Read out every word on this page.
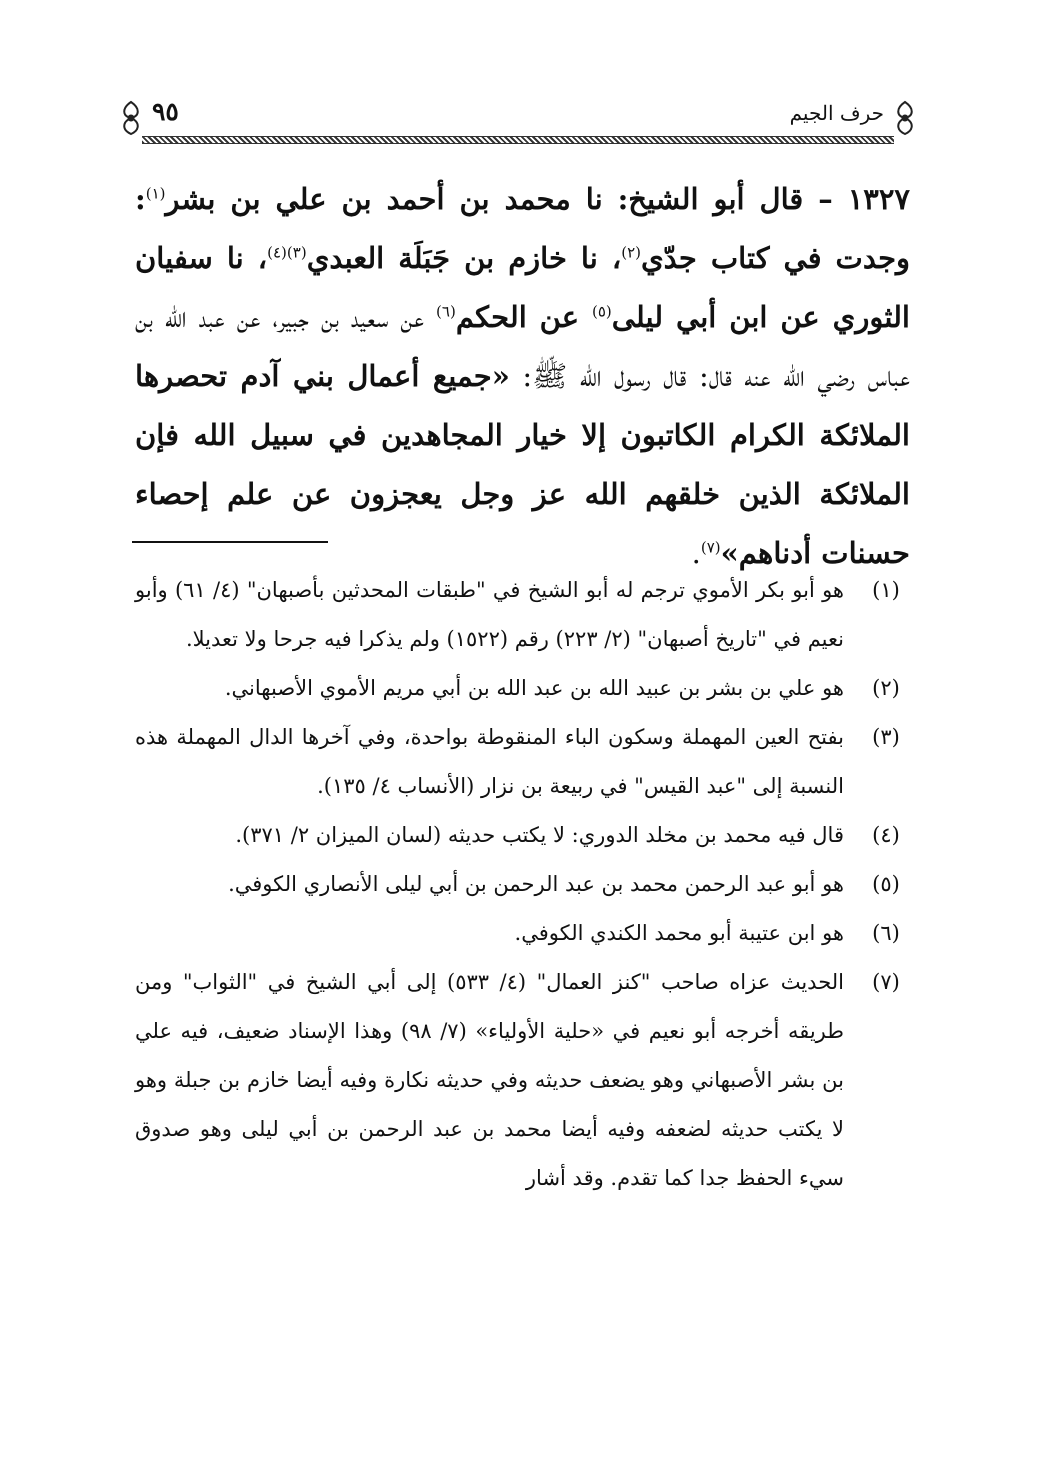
حرف الجيم
٩٥

١٣٢٧ – قال أبو الشيخ: نا محمد بن أحمد بن علي بن بشر$^{(١)}$: وجدت في كتاب جدّي$^{(٢)}$، نا خازم بن جَبَلَة العبدي$^{(٣)(٤)}$، نا سفيان الثوري عن ابن أبي ليلى$^{(٥)}$ عن الحكم$^{(٦)}$ عن سعيد بن جبير، عن عبد الله بن عباس رضي الله عنه قال: قال رسول الله ﷺ: «جميع أعمال بني آدم تحصرها الملائكة الكرام الكاتبون إلا خيار المجاهدين في سبيل الله فإن الملائكة الذين خلقهم الله عز وجل يعجزون عن علم إحصاء حسنات أدناهم»$^{(٧)}$.

(١)
هو أبو بكر الأموي ترجم له أبو الشيخ في "طبقات المحدثين بأصبهان" (٤/ ٦١) وأبو نعيم في "تاريخ أصبهان" (٢/ ٢٢٣) رقم (١٥٢٢) ولم يذكرا فيه جرحا ولا تعديلا.
(٢)
هو علي بن بشر بن عبيد الله بن عبد الله بن أبي مريم الأموي الأصبهاني.
(٣)
بفتح العين المهملة وسكون الباء المنقوطة بواحدة، وفي آخرها الدال المهملة هذه النسبة إلى "عبد القيس" في ربيعة بن نزار (الأنساب ٤/ ١٣٥).
(٤)
قال فيه محمد بن مخلد الدوري: لا يكتب حديثه (لسان الميزان ٢/ ٣٧١).
(٥)
هو أبو عبد الرحمن محمد بن عبد الرحمن بن أبي ليلى الأنصاري الكوفي.
(٦)
هو ابن عتيبة أبو محمد الكندي الكوفي.
(٧)
الحديث عزاه صاحب "كنز العمال" (٤/ ٥٣٣) إلى أبي الشيخ في "الثواب" ومن طريقه أخرجه أبو نعيم في «حلية الأولياء» (٧/ ٩٨) وهذا الإسناد ضعيف، فيه علي بن بشر الأصبهاني وهو يضعف حديثه وفي حديثه نكارة وفيه أيضا خازم بن جبلة وهو لا يكتب حديثه لضعفه وفيه أيضا محمد بن عبد الرحمن بن أبي ليلى وهو صدوق سيء الحفظ جدا كما تقدم. وقد أشار
